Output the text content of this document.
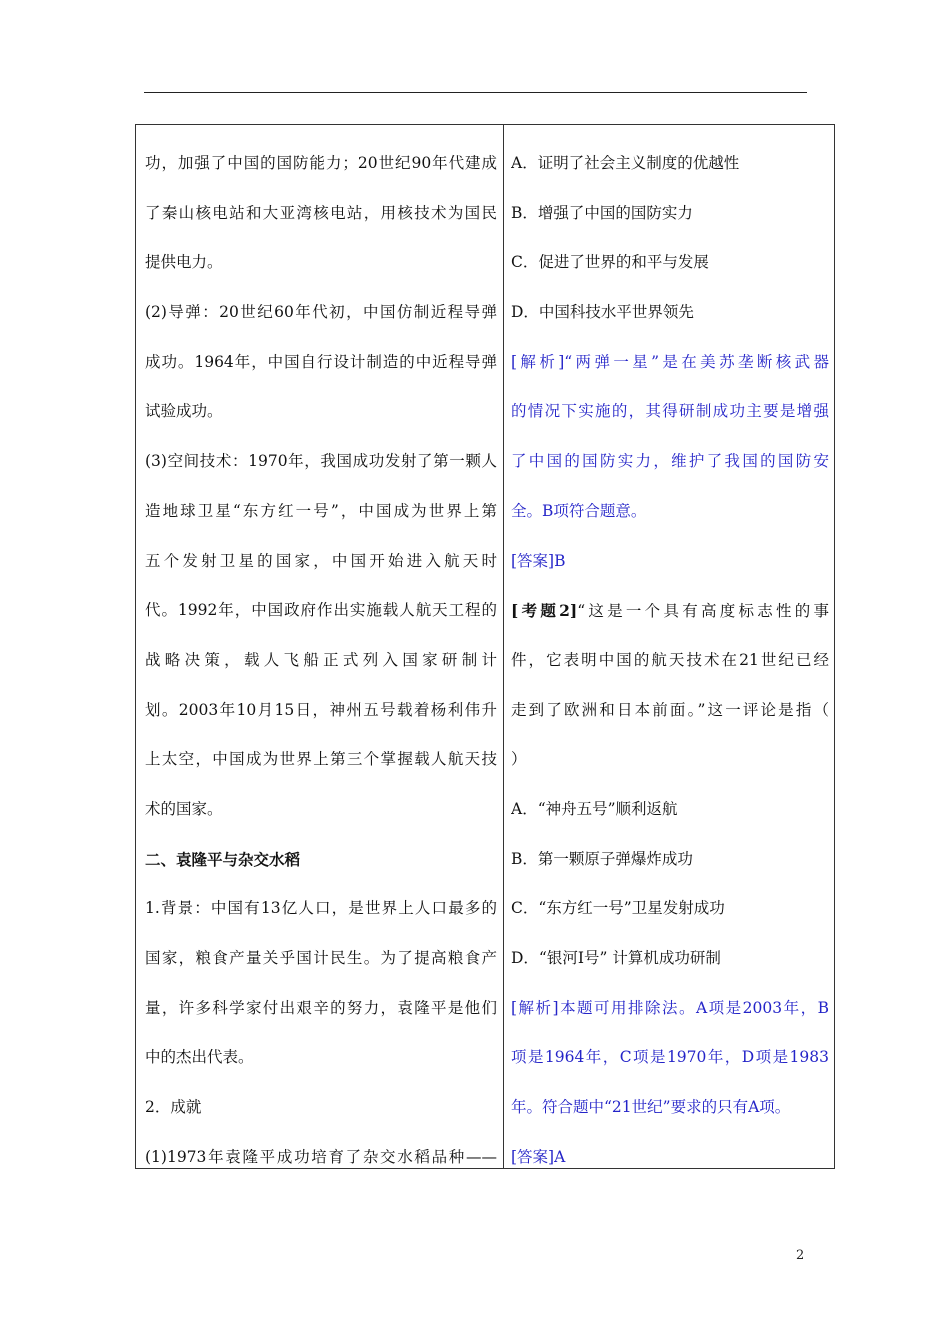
功，加强了中国的国防能力；20世纪90年代建成
了秦山核电站和大亚湾核电站，用核技术为国民
提供电力。
(2)导弹：20世纪60年代初，中国仿制近程导弹
成功。1964年，中国自行设计制造的中近程导弹
试验成功。
(3)空间技术：1970年，我国成功发射了第一颗人
造地球卫星“东方红一号”，中国成为世界上第
五个发射卫星的国家，中国开始进入航天时
代。1992年，中国政府作出实施载人航天工程的
战略决策，载人飞船正式列入国家研制计
划。2003年10月15日，神州五号载着杨利伟升
上太空，中国成为世界上第三个掌握载人航天技
术的国家。
二、袁隆平与杂交水稻
1.背景：中国有13亿人口，是世界上人口最多的
国家，粮食产量关乎国计民生。为了提高粮食产
量，许多科学家付出艰辛的努力，袁隆平是他们
中的杰出代表。
2．成就
(1)1973年袁隆平成功培育了杂交水稻品种——
A．证明了社会主义制度的优越性
B．增强了中国的国防实力
C．促进了世界的和平与发展
D．中国科技水平世界领先
[解析]“两弹一星”是在美苏垄断核武器
的情况下实施的，其得研制成功主要是增强
了中国的国防实力，维护了我国的国防安
全。B项符合题意。
[答案]B
[考题2]“这是一个具有高度标志性的事
件，它表明中国的航天技术在21世纪已经
走到了欧洲和日本前面。”这一评论是指（
）
A．“神舟五号”顺利返航
B．第一颗原子弹爆炸成功
C．“东方红一号”卫星发射成功
D．“银河Ⅰ号” 计算机成功研制
[解析]本题可用排除法。A项是2003年，B
项是1964年，C项是1970年，D项是1983
年。符合题中“21世纪”要求的只有A项。
[答案]A
2
